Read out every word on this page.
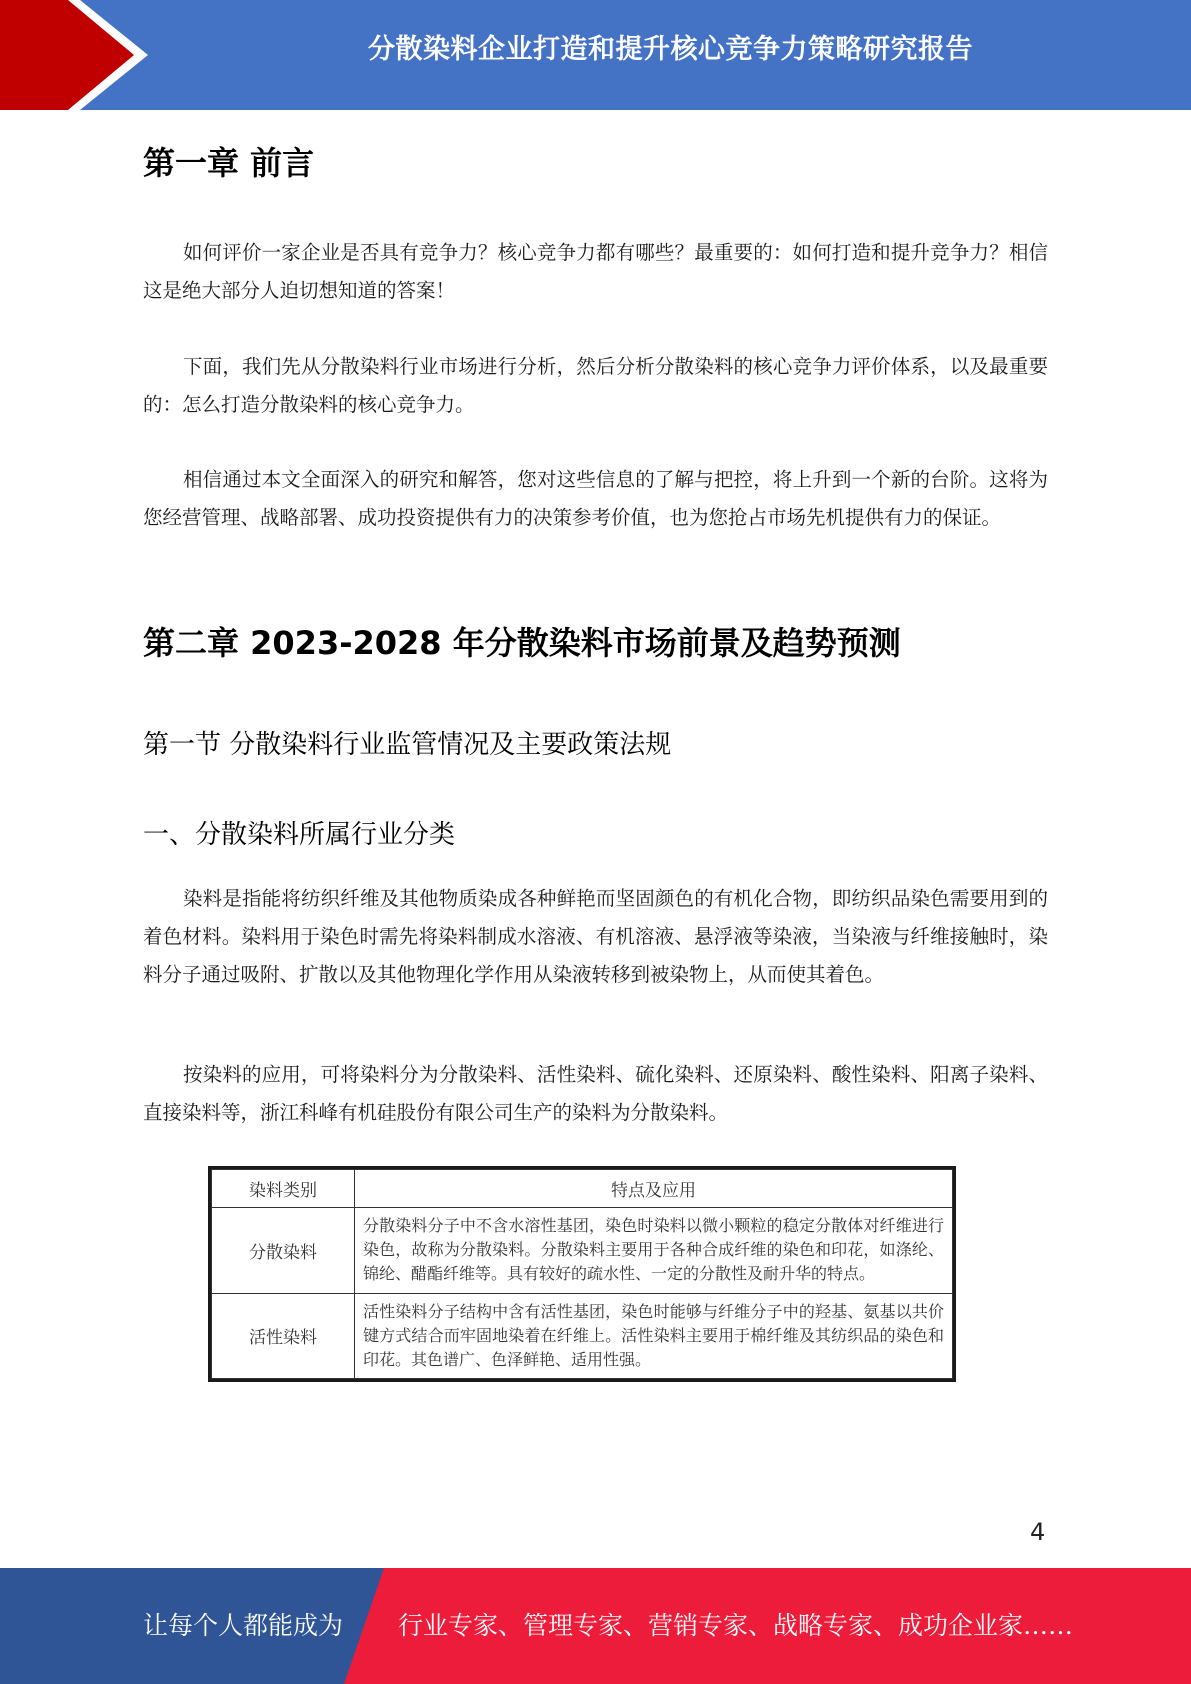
分散染料企业打造和提升核心竞争力策略研究报告
第一章 前言

如何评价一家企业是否具有竞争力？核心竞争力都有哪些？最重要的：如何打造和提升竞争力？相信这是绝大部分人迫切想知道的答案！

下面，我们先从分散染料行业市场进行分析，然后分析分散染料的核心竞争力评价体系，以及最重要的：怎么打造分散染料的核心竞争力。

相信通过本文全面深入的研究和解答，您对这些信息的了解与把控，将上升到一个新的台阶。这将为您经营管理、战略部署、成功投资提供有力的决策参考价值，也为您抢占市场先机提供有力的保证。

第二章 2023-2028 年分散染料市场前景及趋势预测
第一节 分散染料行业监管情况及主要政策法规
一、分散染料所属行业分类

染料是指能将纺织纤维及其他物质染成各种鲜艳而坚固颜色的有机化合物，即纺织品染色需要用到的着色材料。染料用于染色时需先将染料制成水溶液、有机溶液、悬浮液等染液，当染液与纤维接触时，染料分子通过吸附、扩散以及其他物理化学作用从染液转移到被染物上，从而使其着色。

按染料的应用，可将染料分为分散染料、活性染料、硫化染料、还原染料、酸性染料、阳离子染料、直接染料等，浙江科峰有机硅股份有限公司生产的染料为分散染料。

染料类别	特点及应用
分散染料	分散染料分子中不含水溶性基团，染色时染料以微小颗粒的稳定分散体对纤维进行染色，故称为分散染料。分散染料主要用于各种合成纤维的染色和印花，如涤纶、锦纶、醋酯纤维等。具有较好的疏水性、一定的分散性及耐升华的特点。
活性染料	活性染料分子结构中含有活性基团，染色时能够与纤维分子中的羟基、氨基以共价键方式结合而牢固地染着在纤维上。活性染料主要用于棉纤维及其纺织品的染色和印花。其色谱广、色泽鲜艳、适用性强。
4
让每个人都能成为 行业专家、管理专家、营销专家、战略专家、成功企业家……
